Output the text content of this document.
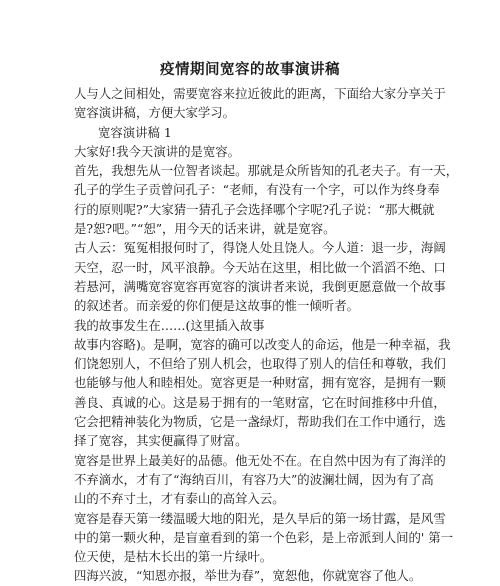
疫情期间宽容的故事演讲稿
人与人之间相处，需要宽容来拉近彼此的距离，下面给大家分享关于
宽容演讲稿，方便大家学习。
宽容演讲稿 1
大家好!我今天演讲的是宽容。
首先，我想先从一位智者谈起。那就是众所皆知的孔老夫子。有一天，
孔子的学生子贡曾问孔子：“老师，有没有一个字，可以作为终身奉
行的原则呢?”大家猜一猜孔子会选择哪个字呢?孔子说：“那大概就
是?恕?吧。”“恕”，用今天的话来讲，就是宽容。
古人云：冤冤相报何时了，得饶人处且饶人。今人道：退一步，海阔
天空，忍一时，风平浪静。今天站在这里，相比做一个滔滔不绝、口
若悬河，满嘴宽容宽容再宽容的演讲者来说，我倒更愿意做一个故事
的叙述者。而亲爱的你们便是这故事的惟一倾听者。
我的故事发生在……(这里插入故事
故事内容略)。是啊，宽容的确可以改变人的命运，他是一种幸福，我
们饶恕别人，不但给了别人机会，也取得了别人的信任和尊敬，我们
也能够与他人和睦相处。宽容更是一种财富，拥有宽容，是拥有一颗
善良、真诚的心。这是易于拥有的一笔财富，它在时间推移中升值，
它会把精神装化为物质，它是一盏绿灯，帮助我们在工作中通行，选
择了宽容，其实便赢得了财富。
宽容是世界上最美好的品德。他无处不在。在自然中因为有了海洋的
不弃滴水，才有了“海纳百川，有容乃大”的波澜壮阔，因为有了高
山的不弃寸土，才有泰山的高耸入云。
宽容是春天第一缕温暖大地的阳光，是久旱后的第一场甘露，是风雪
中的第一颗火种，是盲童看到的第一个色彩，是上帝派到人间的' 第一
位天使，是枯木长出的第一片绿叶。
四海兴波，“知恩亦报，举世为春”，宽恕他，你就宽容了他人。
